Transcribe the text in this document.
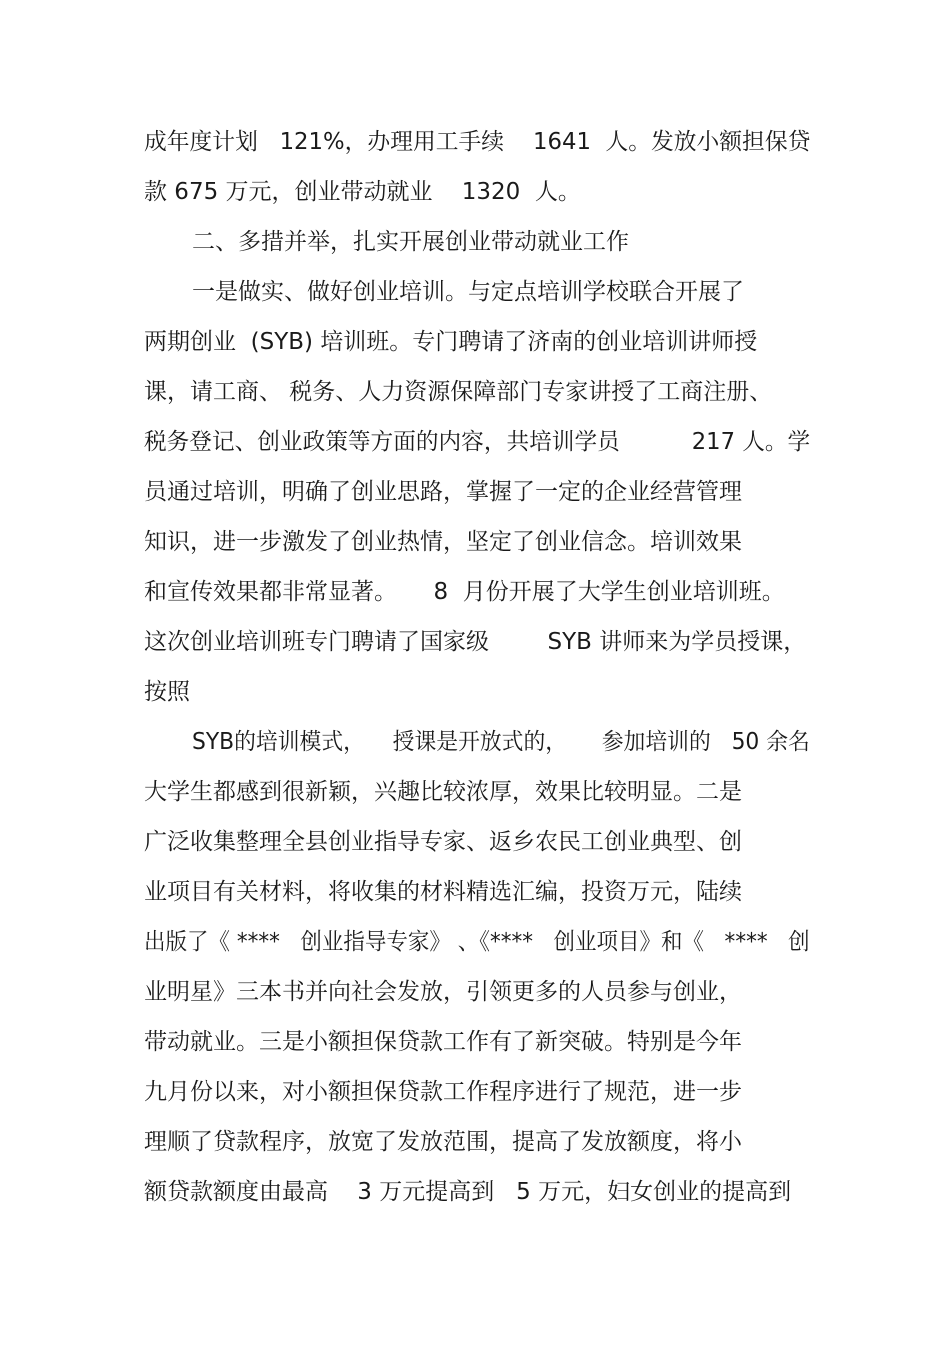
成年度计划   121%，办理用工手续    1641  人。发放小额担保贷
款 675 万元，创业带动就业    1320  人。
二、多措并举，扎实开展创业带动就业工作
一是做实、做好创业培训。与定点培训学校联合开展了
两期创业  (SYB) 培训班。专门聘请了济南的创业培训讲师授
课，请工商、 税务、人力资源保障部门专家讲授了工商注册、
税务登记、创业政策等方面的内容，共培训学员          217 人。学
员通过培训，明确了创业思路，掌握了一定的企业经营管理
知识，进一步激发了创业热情，坚定了创业信念。培训效果
和宣传效果都非常显著。     8  月份开展了大学生创业培训班。
这次创业培训班专门聘请了国家级        SYB 讲师来为学员授课，
按照
SYB的培训模式，    授课是开放式的，     参加培训的   50 余名
大学生都感到很新颖，兴趣比较浓厚，效果比较明显。二是
广泛收集整理全县创业指导专家、返乡农民工创业典型、创
业项目有关材料，将收集的材料精选汇编，投资万元，陆续
出版了《 ****   创业指导专家》 、《****   创业项目》和《   ****   创
业明星》三本书并向社会发放，引领更多的人员参与创业，
带动就业。三是小额担保贷款工作有了新突破。特别是今年
九月份以来，对小额担保贷款工作程序进行了规范，进一步
理顺了贷款程序，放宽了发放范围，提高了发放额度，将小
额贷款额度由最高    3 万元提高到   5 万元，妇女创业的提高到
